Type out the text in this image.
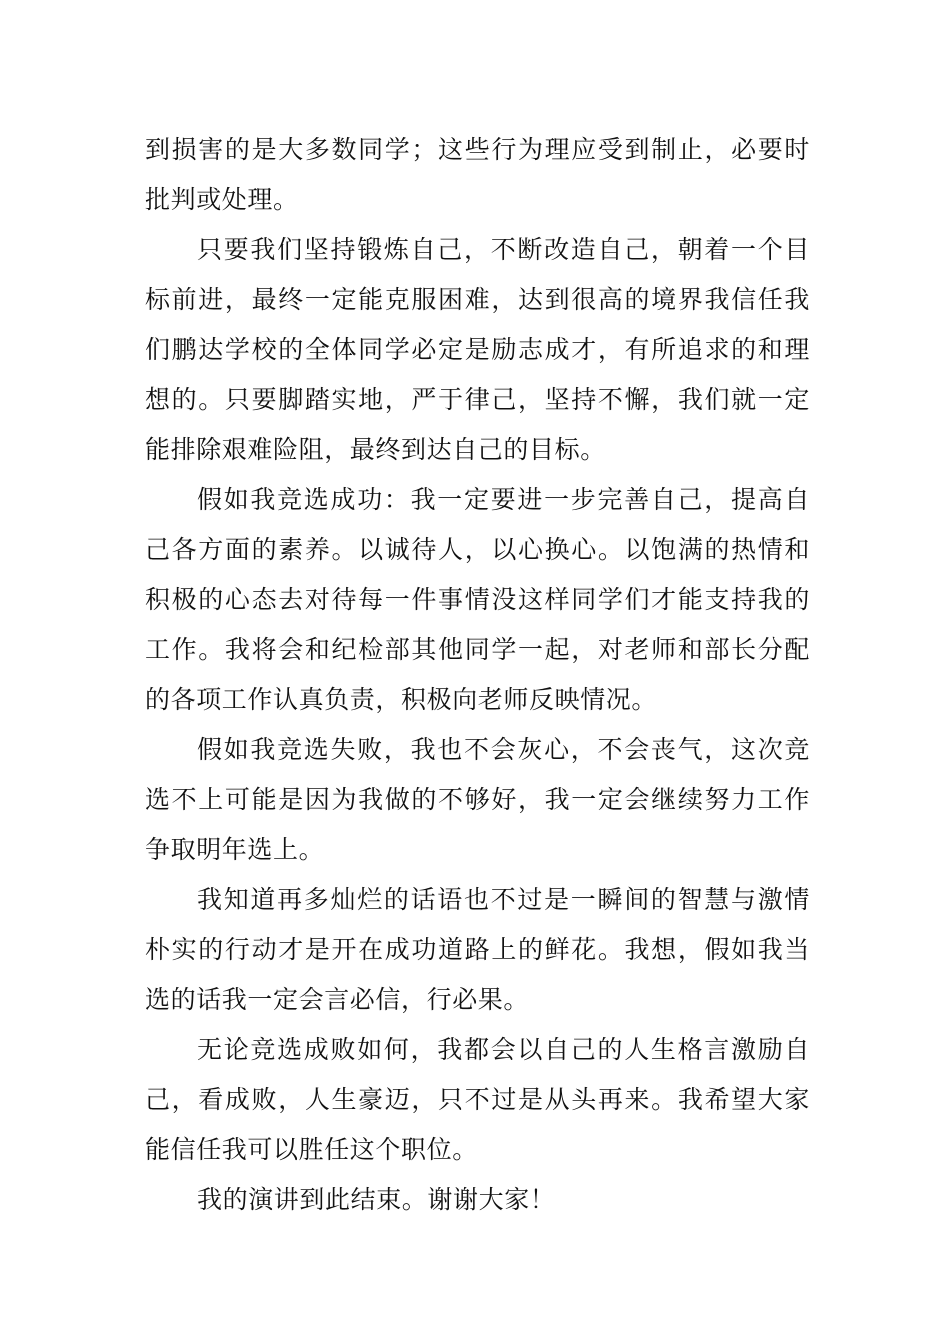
到损害的是大多数同学；这些行为理应受到制止，必要时批判或处理。

只要我们坚持锻炼自己，不断改造自己，朝着一个目标前进，最终一定能克服困难，达到很高的境界我信任我们鹏达学校的全体同学必定是励志成才，有所追求的和理想的。只要脚踏实地，严于律己，坚持不懈，我们就一定能排除艰难险阻，最终到达自己的目标。

假如我竞选成功：我一定要进一步完善自己，提高自己各方面的素养。以诚待人，以心换心。以饱满的热情和积极的心态去对待每一件事情没这样同学们才能支持我的工作。我将会和纪检部其他同学一起，对老师和部长分配的各项工作认真负责，积极向老师反映情况。

假如我竞选失败，我也不会灰心，不会丧气，这次竞选不上可能是因为我做的不够好，我一定会继续努力工作争取明年选上。

我知道再多灿烂的话语也不过是一瞬间的智慧与激情朴实的行动才是开在成功道路上的鲜花。我想，假如我当选的话我一定会言必信，行必果。

无论竞选成败如何，我都会以自己的人生格言激励自己，看成败，人生豪迈，只不过是从头再来。我希望大家能信任我可以胜任这个职位。

我的演讲到此结束。谢谢大家！
